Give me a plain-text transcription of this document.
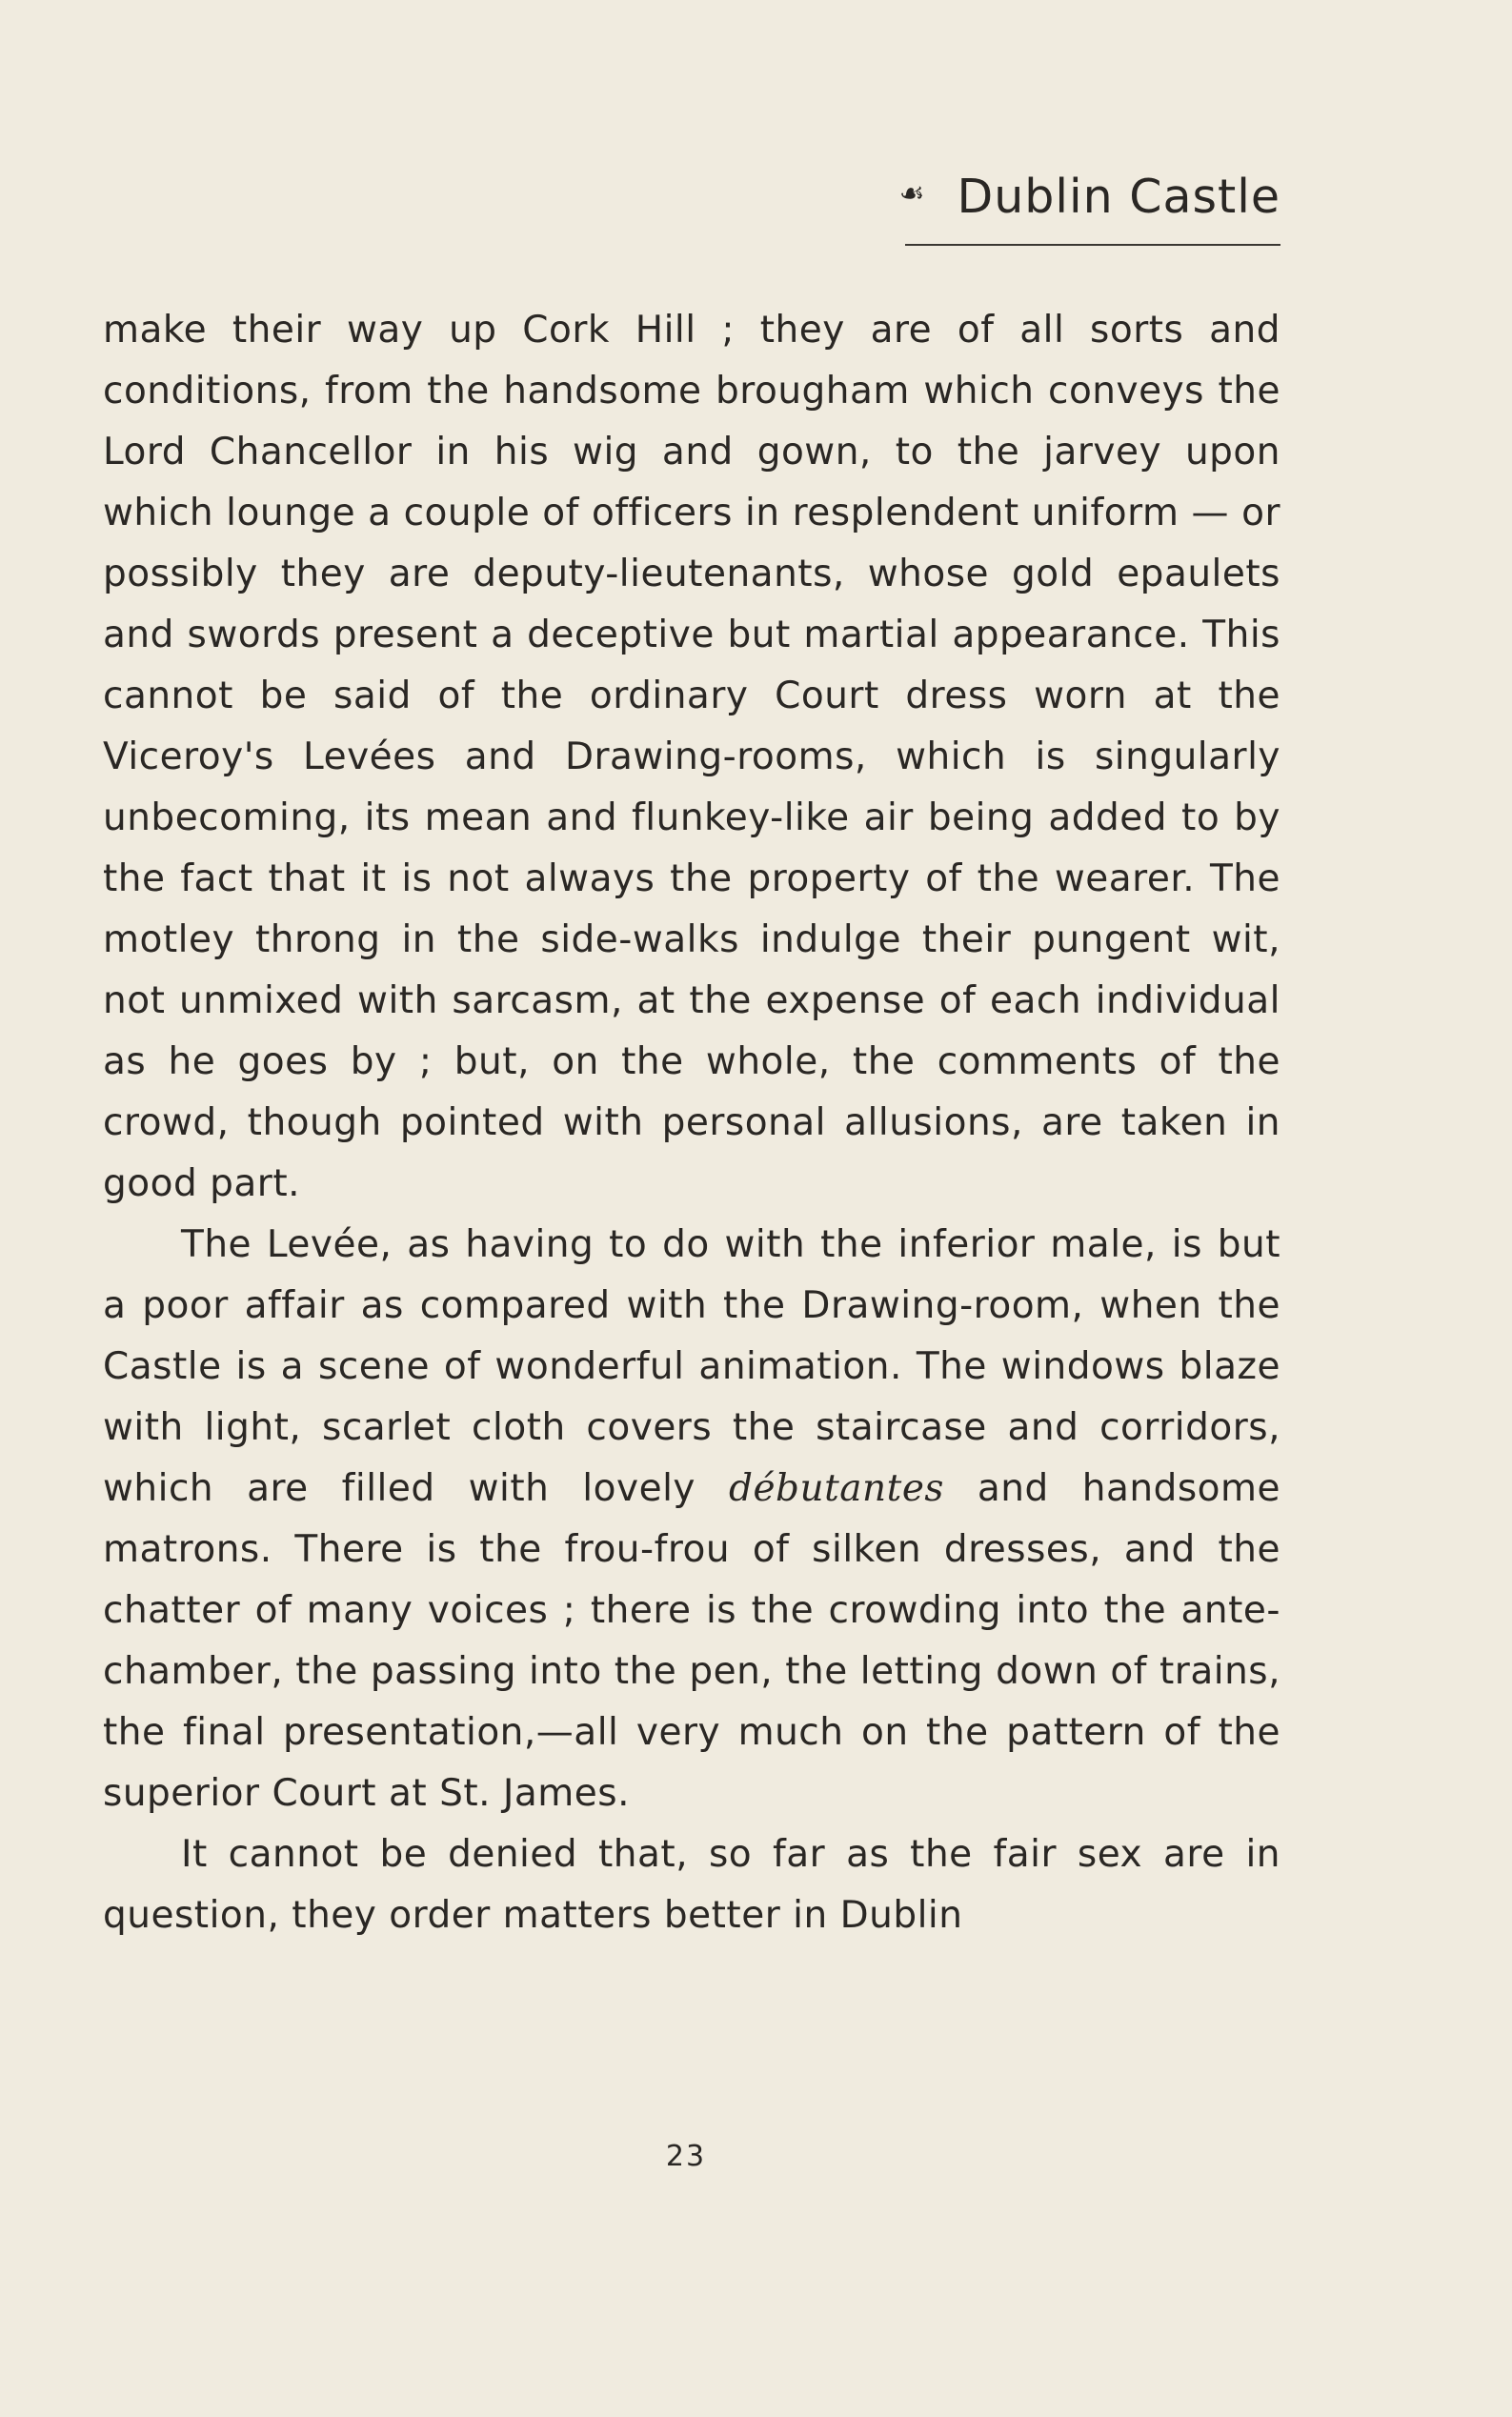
☙ Dublin Castle

make their way up Cork Hill ; they are of all sorts and conditions, from the handsome brougham which conveys the Lord Chancellor in his wig and gown, to the jarvey upon which lounge a couple of officers in resplendent uniform — or possibly they are deputy-lieutenants, whose gold epaulets and swords present a deceptive but martial appearance. This cannot be said of the ordinary Court dress worn at the Viceroy's Levées and Drawing-rooms, which is singularly unbecoming, its mean and flunkey-like air being added to by the fact that it is not always the property of the wearer. The motley throng in the side-walks indulge their pungent wit, not unmixed with sarcasm, at the expense of each individual as he goes by ; but, on the whole, the comments of the crowd, though pointed with personal allusions, are taken in good part.

The Levée, as having to do with the inferior male, is but a poor affair as compared with the Drawing-room, when the Castle is a scene of wonderful animation. The windows blaze with light, scarlet cloth covers the staircase and corridors, which are filled with lovely débutantes and handsome matrons. There is the frou-frou of silken dresses, and the chatter of many voices ; there is the crowding into the ante-chamber, the passing into the pen, the letting down of trains, the final presentation,—all very much on the pattern of the superior Court at St. James.

It cannot be denied that, so far as the fair sex are in question, they order matters better in Dublin

23
